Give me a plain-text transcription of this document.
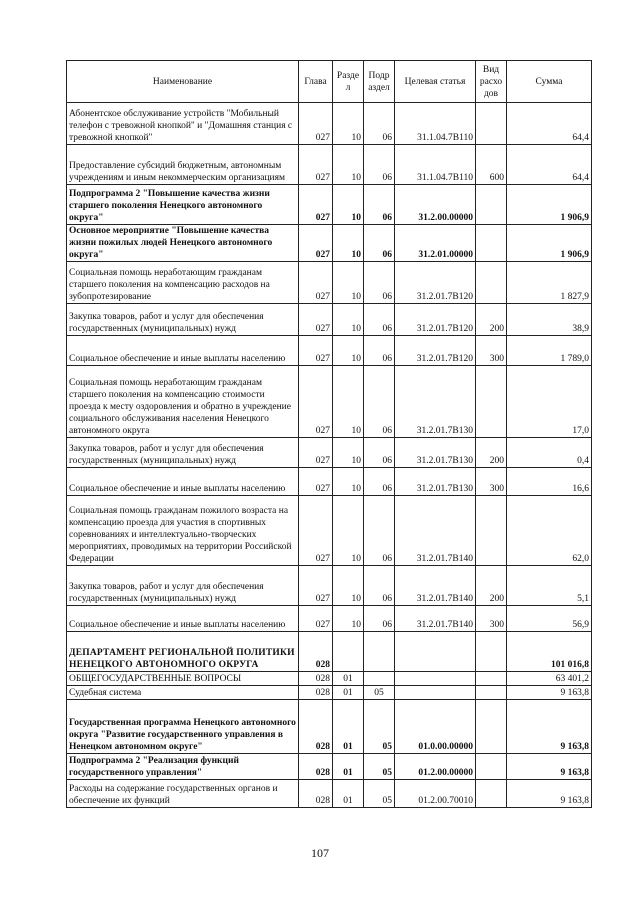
Наименование	Глава	Разде л	Подр аздел	Целевая статья	Вид расхо дов	Сумма
Абонентское обслуживание устройств "Мобильный телефон с тревожной кнопкой" и "Домашняя станция с тревожной кнопкой"	027	10	06	31.1.04.7В110		64,4
Предоставление субсидий бюджетным, автономным учреждениям и иным некоммерческим организациям	027	10	06	31.1.04.7В110	600	64,4
Подпрограмма 2 "Повышение качества жизни старшего поколения Ненецкого автономного округа"	027	10	06	31.2.00.00000		1 906,9
Основное мероприятие "Повышение качества жизни пожилых людей Ненецкого автономного округа"	027	10	06	31.2.01.00000		1 906,9
Социальная помощь неработающим гражданам старшего поколения на компенсацию расходов на зубопротезирование	027	10	06	31.2.01.7В120		1 827,9
Закупка товаров, работ и услуг для обеспечения государственных (муниципальных) нужд	027	10	06	31.2.01.7В120	200	38,9
Социальное обеспечение и иные выплаты населению	027	10	06	31.2.01.7В120	300	1 789,0
Социальная помощь неработающим гражданам старшего поколения на компенсацию стоимости проезда к месту оздоровления и обратно в учреждение социального обслуживания населения Ненецкого автономного округа	027	10	06	31.2.01.7В130		17,0
Закупка товаров, работ и услуг для обеспечения государственных (муниципальных) нужд	027	10	06	31.2.01.7В130	200	0,4
Социальное обеспечение и иные выплаты населению	027	10	06	31.2.01.7В130	300	16,6
Социальная помощь гражданам пожилого возраста на компенсацию проезда для участия в спортивных соревнованиях и интеллектуально-творческих мероприятиях, проводимых на территории Российской Федерации	027	10	06	31.2.01.7В140		62,0
Закупка товаров, работ и услуг для обеспечения государственных (муниципальных) нужд	027	10	06	31.2.01.7В140	200	5,1
Социальное обеспечение и иные выплаты населению	027	10	06	31.2.01.7В140	300	56,9
ДЕПАРТАМЕНТ РЕГИОНАЛЬНОЙ ПОЛИТИКИ НЕНЕЦКОГО АВТОНОМНОГО ОКРУГА	028					101 016,8
ОБЩЕГОСУДАРСТВЕННЫЕ ВОПРОСЫ	028	01				63 401,2
Судебная система	028	01	05			9 163,8
Государственная программа Ненецкого автономного округа "Развитие государственного управления в Ненецком автономном округе"	028	01	05	01.0.00.00000		9 163,8
Подпрограмма 2 "Реализация функций государственного управления"	028	01	05	01.2.00.00000		9 163,8
Расходы на содержание государственных органов и обеспечение их функций	028	01	05	01.2.00.70010		9 163,8
107
